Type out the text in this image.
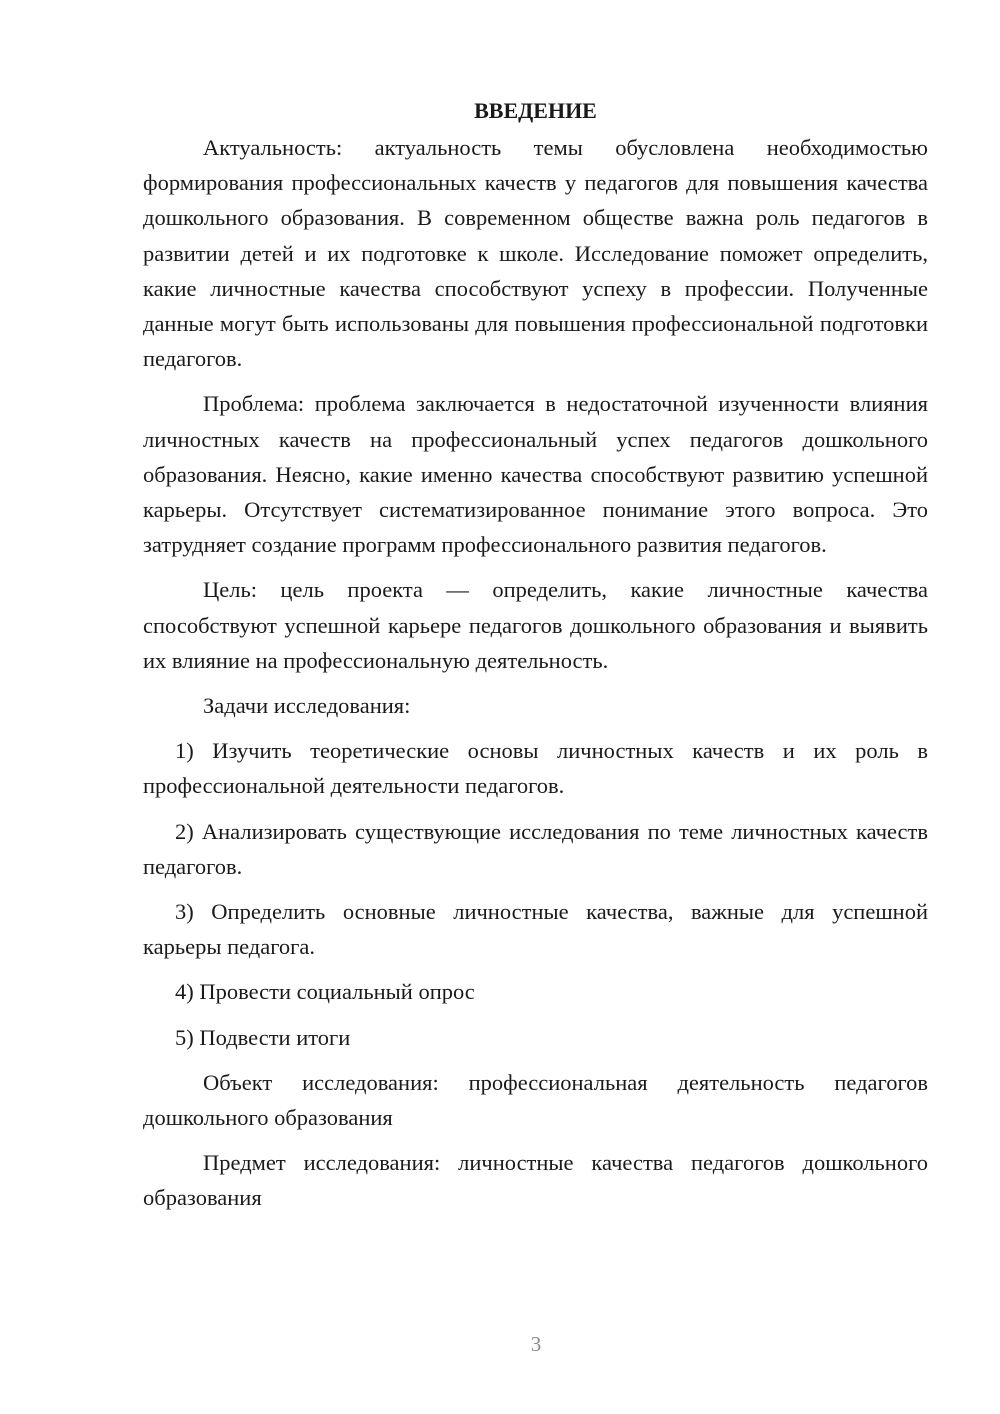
ВВЕДЕНИЕ

Актуальность: актуальность темы обусловлена необходимостью формирования профессиональных качеств у педагогов для повышения качества дошкольного образования. В современном обществе важна роль педагогов в развитии детей и их подготовке к школе. Исследование поможет определить, какие личностные качества способствуют успеху в профессии. Полученные данные могут быть использованы для повышения профессиональной подготовки педагогов.

Проблема: проблема заключается в недостаточной изученности влияния личностных качеств на профессиональный успех педагогов дошкольного образования. Неясно, какие именно качества способствуют развитию успешной карьеры. Отсутствует систематизированное понимание этого вопроса. Это затрудняет создание программ профессионального развития педагогов.

Цель: цель проекта — определить, какие личностные качества способствуют успешной карьере педагогов дошкольного образования и выявить их влияние на профессиональную деятельность.

Задачи исследования:

1) Изучить теоретические основы личностных качеств и их роль в профессиональной деятельности педагогов.

2) Анализировать существующие исследования по теме личностных качеств педагогов.

3) Определить основные личностные качества, важные для успешной карьеры педагога.

4) Провести социальный опрос

5) Подвести итоги

Объект исследования: профессиональная деятельность педагогов дошкольного образования

Предмет исследования: личностные качества педагогов дошкольного образования

3
